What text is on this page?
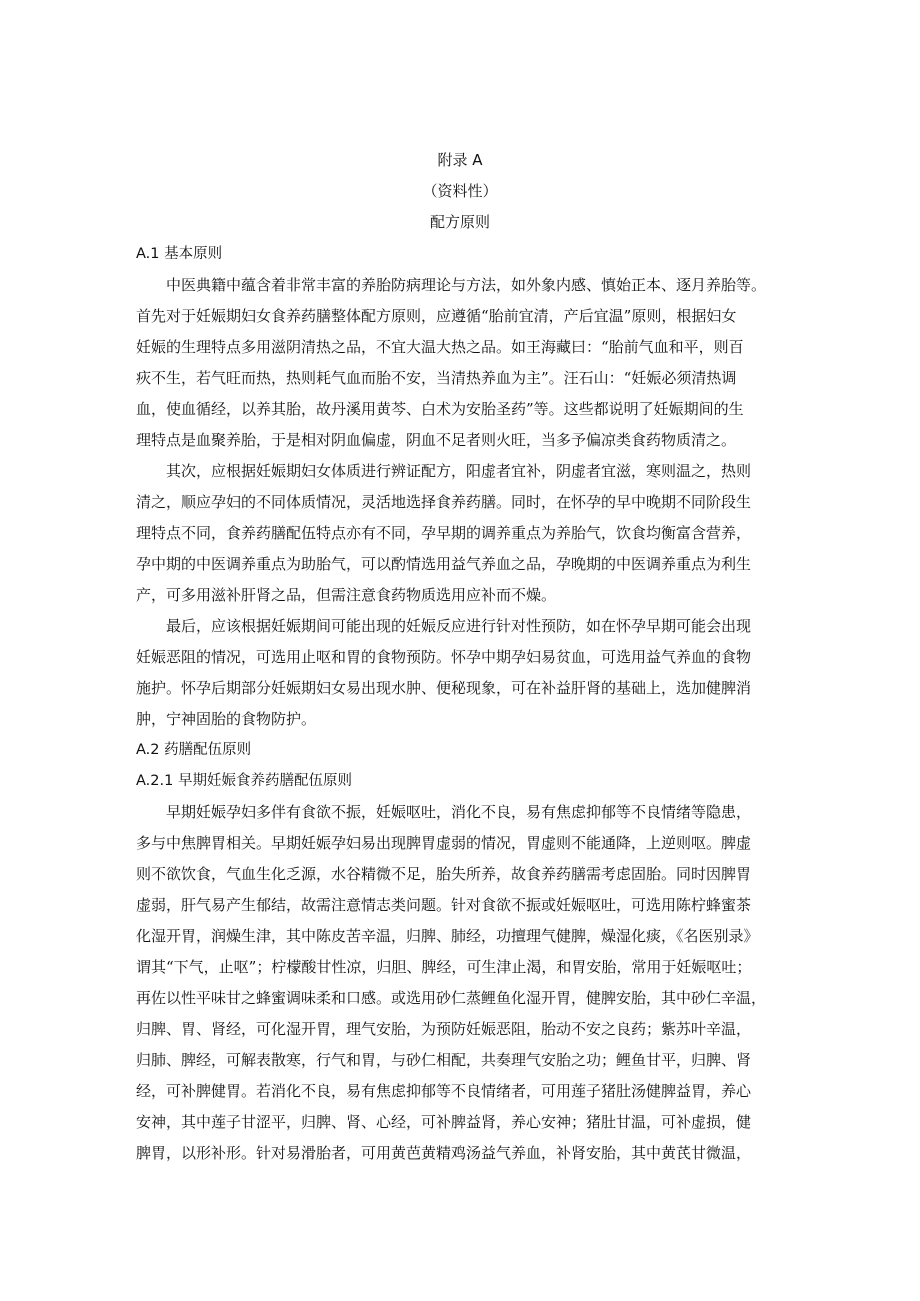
附录 A
（资料性）
配方原则
A.1 基本原则
中医典籍中蕴含着非常丰富的养胎防病理论与方法，如外象内感、慎始正本、逐月养胎等。
首先对于妊娠期妇女食养药膳整体配方原则，应遵循“胎前宜清，产后宜温”原则，根据妇女
妊娠的生理特点多用滋阴清热之品，不宜大温大热之品。如王海藏曰：“胎前气血和平，则百
疢不生，若气旺而热，热则耗气血而胎不安，当清热养血为主”。汪石山：“妊娠必须清热调
血，使血循经，以养其胎，故丹溪用黄芩、白术为安胎圣药”等。这些都说明了妊娠期间的生
理特点是血聚养胎，于是相对阴血偏虚，阴血不足者则火旺，当多予偏凉类食药物质清之。
其次，应根据妊娠期妇女体质进行辨证配方，阳虚者宜补，阴虚者宜滋，寒则温之，热则
清之，顺应孕妇的不同体质情况，灵活地选择食养药膳。同时，在怀孕的早中晚期不同阶段生
理特点不同，食养药膳配伍特点亦有不同，孕早期的调养重点为养胎气，饮食均衡富含营养，
孕中期的中医调养重点为助胎气，可以酌情选用益气养血之品，孕晚期的中医调养重点为利生
产，可多用滋补肝肾之品，但需注意食药物质选用应补而不燥。
最后，应该根据妊娠期间可能出现的妊娠反应进行针对性预防，如在怀孕早期可能会出现
妊娠恶阻的情况，可选用止呕和胃的食物预防。怀孕中期孕妇易贫血，可选用益气养血的食物
施护。怀孕后期部分妊娠期妇女易出现水肿、便秘现象，可在补益肝肾的基础上，选加健脾消
肿，宁神固胎的食物防护。
A.2 药膳配伍原则
A.2.1 早期妊娠食养药膳配伍原则
早期妊娠孕妇多伴有食欲不振，妊娠呕吐，消化不良，易有焦虑抑郁等不良情绪等隐患，
多与中焦脾胃相关。早期妊娠孕妇易出现脾胃虚弱的情况，胃虚则不能通降，上逆则呕。脾虚
则不欲饮食，气血生化乏源，水谷精微不足，胎失所养，故食养药膳需考虑固胎。同时因脾胃
虚弱，肝气易产生郁结，故需注意情志类问题。针对食欲不振或妊娠呕吐，可选用陈柠蜂蜜茶
化湿开胃，润燥生津，其中陈皮苦辛温，归脾、肺经，功擅理气健脾，燥湿化痰，《名医别录》
谓其“下气，止呕”；柠檬酸甘性凉，归胆、脾经，可生津止渴，和胃安胎，常用于妊娠呕吐；
再佐以性平味甘之蜂蜜调味柔和口感。或选用砂仁蒸鲤鱼化湿开胃，健脾安胎，其中砂仁辛温，
归脾、胃、肾经，可化湿开胃，理气安胎，为预防妊娠恶阻，胎动不安之良药；紫苏叶辛温，
归肺、脾经，可解表散寒，行气和胃，与砂仁相配，共奏理气安胎之功；鲤鱼甘平，归脾、肾
经，可补脾健胃。若消化不良，易有焦虑抑郁等不良情绪者，可用莲子猪肚汤健脾益胃，养心
安神，其中莲子甘涩平，归脾、肾、心经，可补脾益肾，养心安神；猪肚甘温，可补虚损，健
脾胃，以形补形。针对易滑胎者，可用黄芭黄精鸡汤益气养血，补肾安胎，其中黄芪甘微温，
